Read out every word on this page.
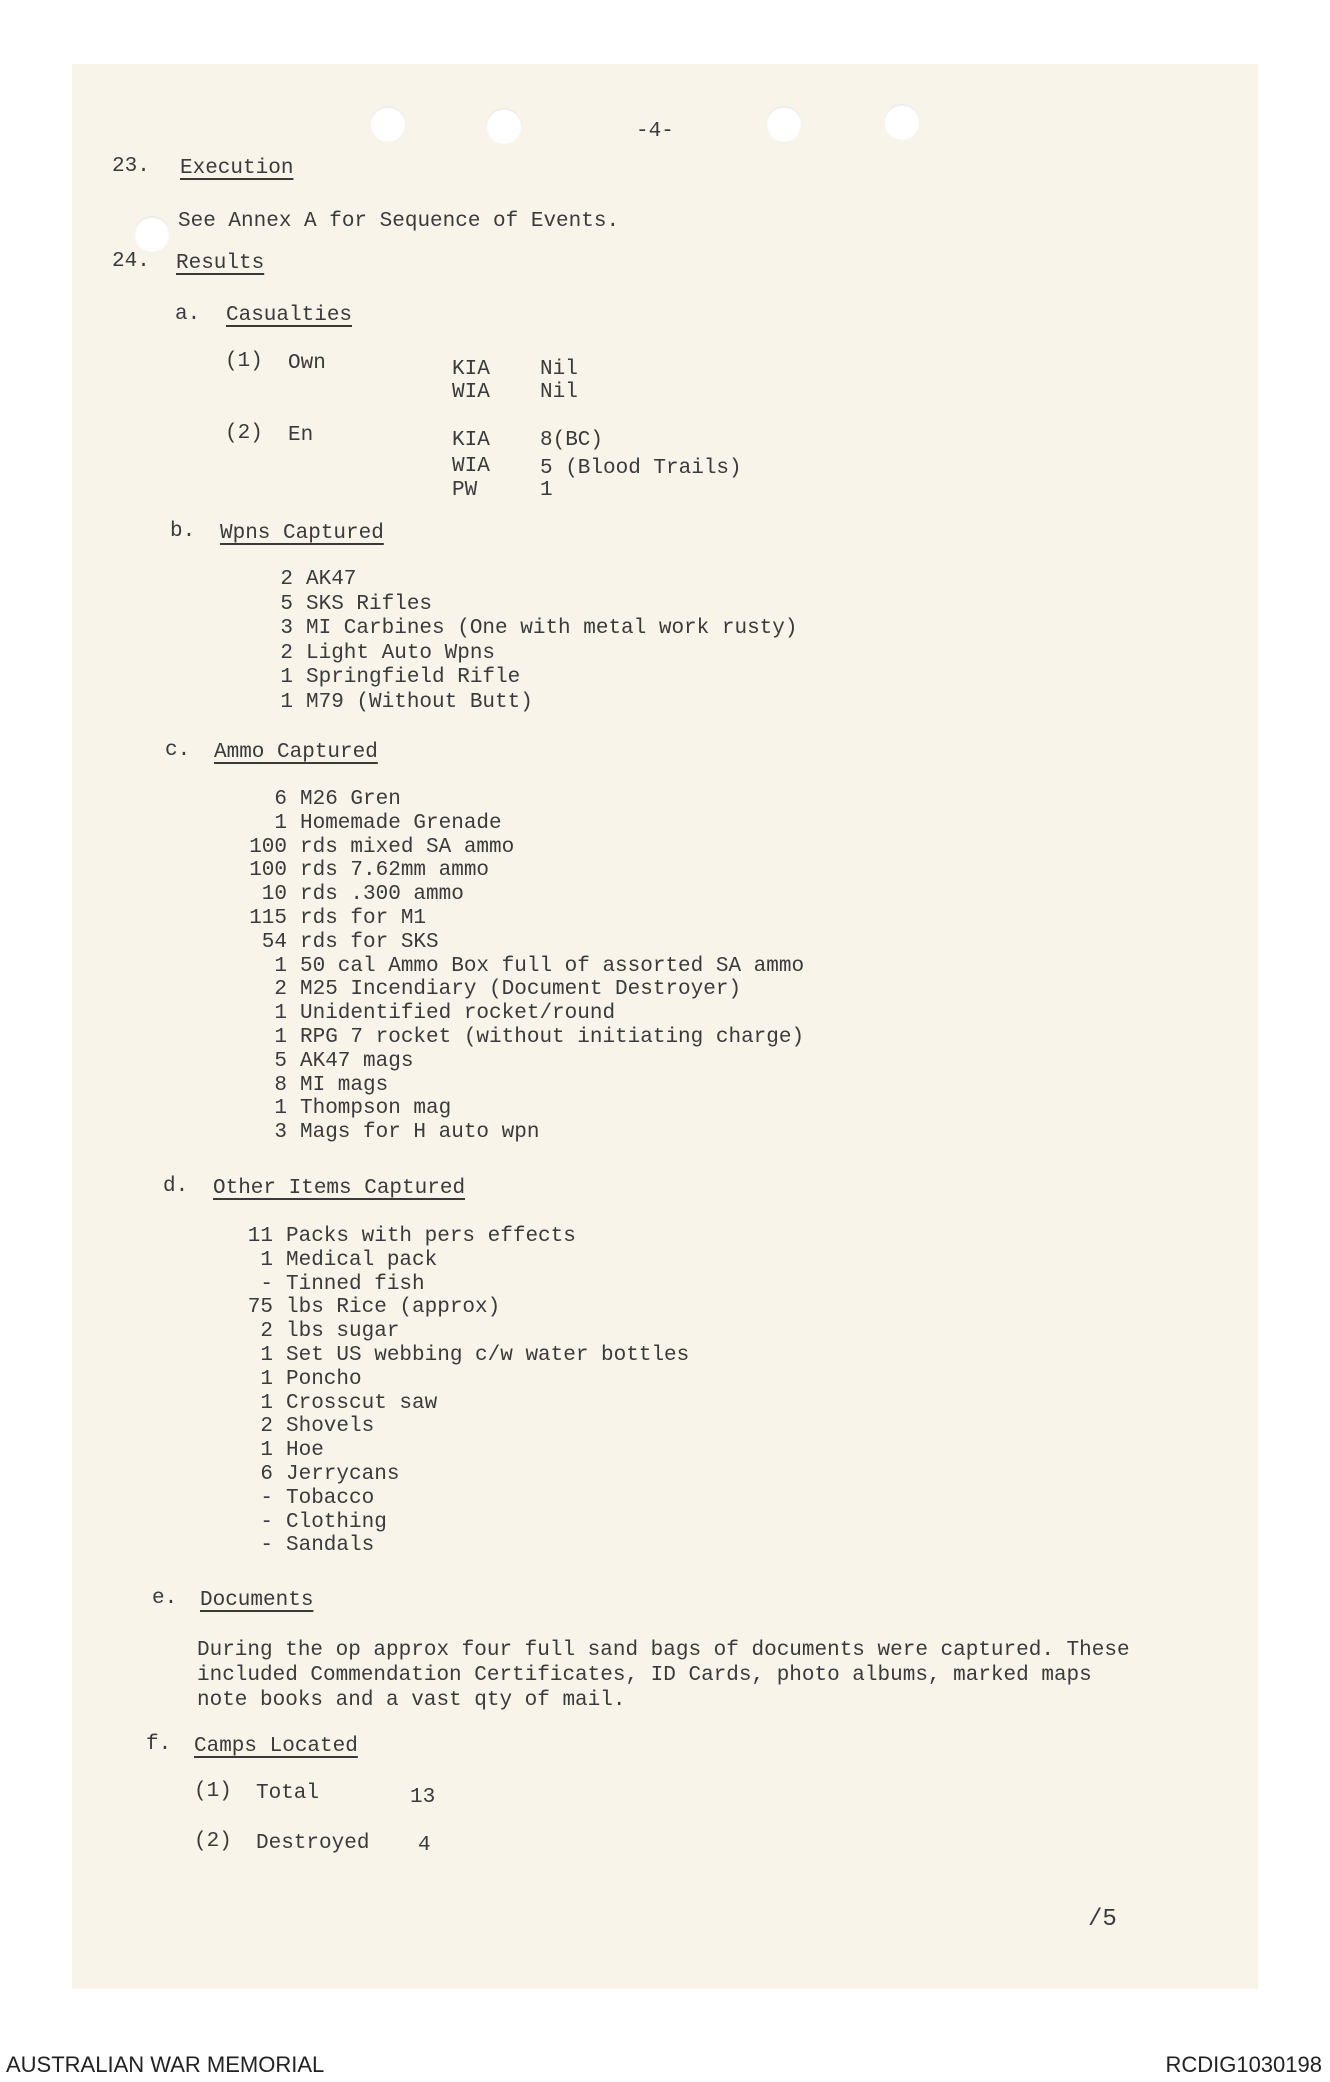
-4-
23. Execution
See Annex A for Sequence of Events.
24. Results
a. Casualties
(1) Own	KIA Nil
WIA Nil
(2) En	KIA 8(BC)
WIA 5 (Blood Trails)
PW	1
b. Wpns Captured
2 AK47
5 SKS Rifles
3 MI Carbines (One with metal work rusty)
2 Light Auto Wpns
1 Springfield Rifle
1 M79 (Without Butt)
c. Ammo Captured
6 M26 Gren
1 Homemade Grenade
100 rds mixed SA ammo
100 rds 7.62mm ammo
10 rds .300 ammo
115 rds for M1
54 rds for SKS
1 50 cal Ammo Box full of assorted SA ammo
2 M25 Incendiary (Document Destroyer)
1 Unidentified rocket/round
1 RPG 7 rocket (without initiating charge)
5 AK47 mags
8 MI mags
1 Thompson mag
3 Mags for H auto wpn
d. Other Items Captured
11 Packs with pers effects
1 Medical pack
- Tinned fish
75 lbs Rice (approx)
2 lbs sugar
1 Set US webbing c/w water bottles
1 Poncho
1 Crosscut saw
2 Shovels
1 Hoe
6 Jerrycans
- Tobacco
- Clothing
- Sandals
e. Documents
During the op approx four full sand bags of documents were captured. These
included Commendation Certificates, ID Cards, photo albums, marked maps
note books and a vast qty of mail.
f. Camps Located
(1) Total	13
(2) Destroyed 4
/5
AUSTRALIAN WAR MEMORIAL	RCDIG1030198
